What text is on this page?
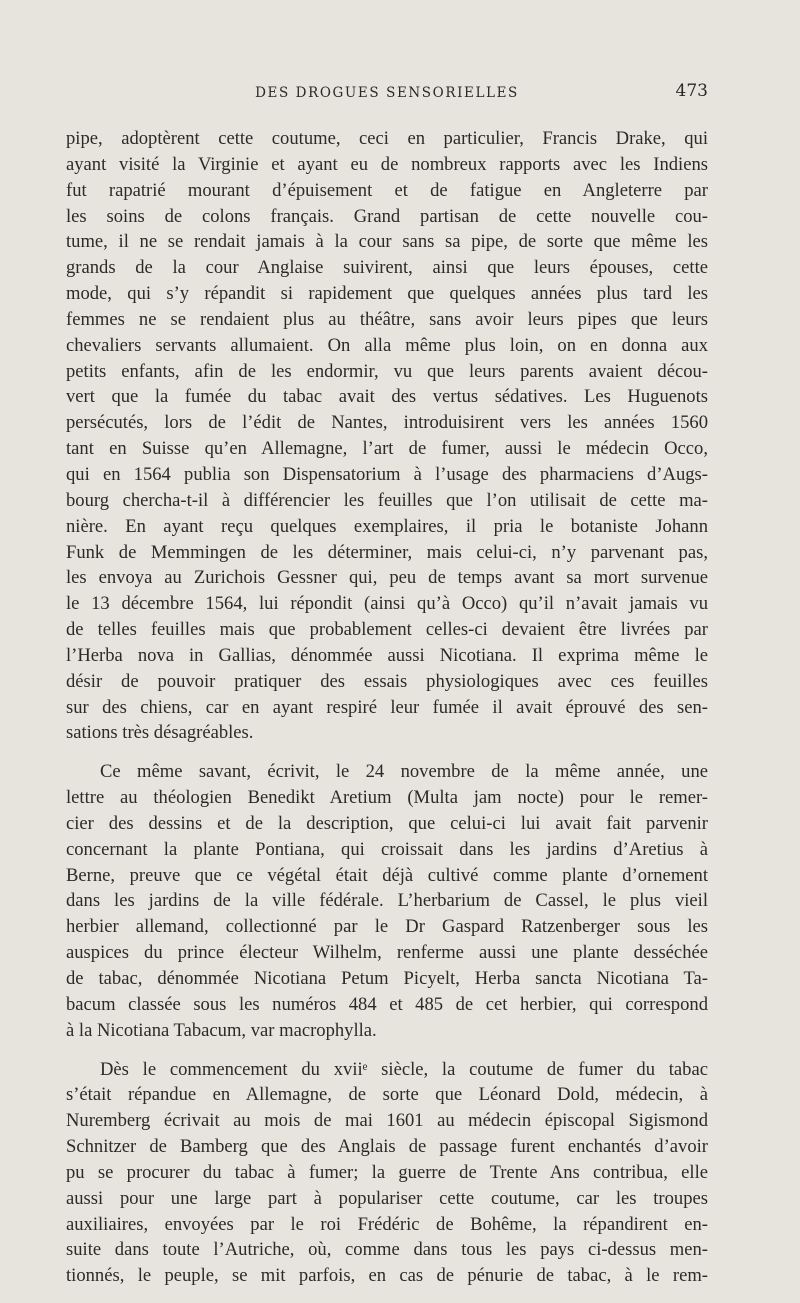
DES DROGUES SENSORIELLES	473
pipe, adoptèrent cette coutume, ceci en particulier, Francis Drake, qui
ayant visité la Virginie et ayant eu de nombreux rapports avec les Indiens
fut rapatrié mourant d’épuisement et de fatigue en Angleterre par
les soins de colons français. Grand partisan de cette nouvelle cou-
tume, il ne se rendait jamais à la cour sans sa pipe, de sorte que même les
grands de la cour Anglaise suivirent, ainsi que leurs épouses, cette
mode, qui s’y répandit si rapidement que quelques années plus tard les
femmes ne se rendaient plus au théâtre, sans avoir leurs pipes que leurs
chevaliers servants allumaient. On alla même plus loin, on en donna aux
petits enfants, afin de les endormir, vu que leurs parents avaient décou-
vert que la fumée du tabac avait des vertus sédatives. Les Huguenots
persécutés, lors de l’édit de Nantes, introduisirent vers les années 1560
tant en Suisse qu’en Allemagne, l’art de fumer, aussi le médecin Occo,
qui en 1564 publia son Dispensatorium à l’usage des pharmaciens d’Augs-
bourg chercha-t-il à différencier les feuilles que l’on utilisait de cette ma-
nière. En ayant reçu quelques exemplaires, il pria le botaniste Johann
Funk de Memmingen de les déterminer, mais celui-ci, n’y parvenant pas,
les envoya au Zurichois Gessner qui, peu de temps avant sa mort survenue
le 13 décembre 1564, lui répondit (ainsi qu’à Occo) qu’il n’avait jamais vu
de telles feuilles mais que probablement celles-ci devaient être livrées par
l’Herba nova in Gallias, dénommée aussi Nicotiana. Il exprima même le
désir de pouvoir pratiquer des essais physiologiques avec ces feuilles
sur des chiens, car en ayant respiré leur fumée il avait éprouvé des sen-
sations très désagréables.
Ce même savant, écrivit, le 24 novembre de la même année, une
lettre au théologien Benedikt Aretium (Multa jam nocte) pour le remer-
cier des dessins et de la description, que celui-ci lui avait fait parvenir
concernant la plante Pontiana, qui croissait dans les jardins d’Aretius à
Berne, preuve que ce végétal était déjà cultivé comme plante d’ornement
dans les jardins de la ville fédérale. L’herbarium de Cassel, le plus vieil
herbier allemand, collectionné par le Dr Gaspard Ratzenberger sous les
auspices du prince électeur Wilhelm, renferme aussi une plante desséchée
de tabac, dénommée Nicotiana Petum Picyelt, Herba sancta Nicotiana Ta-
bacum classée sous les numéros 484 et 485 de cet herbier, qui correspond
à la Nicotiana Tabacum, var macrophylla.
Dès le commencement du xviiᵉ siècle, la coutume de fumer du tabac
s’était répandue en Allemagne, de sorte que Léonard Dold, médecin, à
Nuremberg écrivait au mois de mai 1601 au médecin épiscopal Sigismond
Schnitzer de Bamberg que des Anglais de passage furent enchantés d’avoir
pu se procurer du tabac à fumer; la guerre de Trente Ans contribua, elle
aussi pour une large part à populariser cette coutume, car les troupes
auxiliaires, envoyées par le roi Frédéric de Bohême, la répandirent en-
suite dans toute l’Autriche, où, comme dans tous les pays ci-dessus men-
tionnés, le peuple, se mit parfois, en cas de pénurie de tabac, à le rem-
